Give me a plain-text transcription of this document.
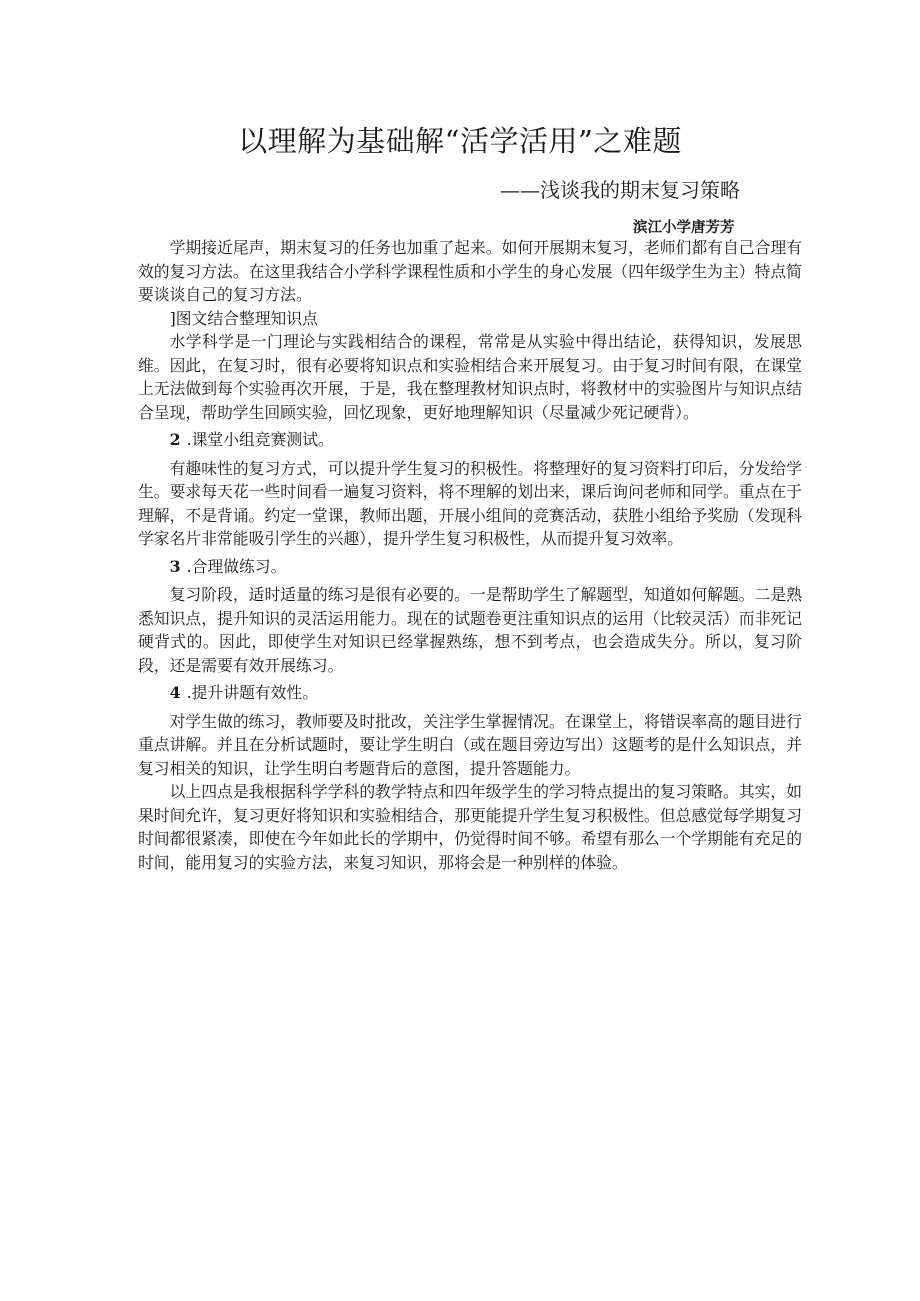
以理解为基础解“活学活用”之难题
——浅谈我的期末复习策略
滨江小学唐芳芳

学期接近尾声，期末复习的任务也加重了起来。如何开展期末复习，老师们都有自己合理有效的复习方法。在这里我结合小学科学课程性质和小学生的身心发展（四年级学生为主）特点简要谈谈自己的复习方法。

]图文结合整理知识点

水学科学是一门理论与实践相结合的课程，常常是从实验中得出结论，获得知识，发展思维。因此，在复习时，很有必要将知识点和实验相结合来开展复习。由于复习时间有限，在课堂上无法做到每个实验再次开展，于是，我在整理教材知识点时，将教材中的实验图片与知识点结合呈现，帮助学生回顾实验，回忆现象，更好地理解知识（尽量减少死记硬背）。

2 .课堂小组竞赛测试。

有趣味性的复习方式，可以提升学生复习的积极性。将整理好的复习资料打印后，分发给学生。要求每天花一些时间看一遍复习资料，将不理解的划出来，课后询问老师和同学。重点在于理解，不是背诵。约定一堂课，教师出题，开展小组间的竞赛活动，获胜小组给予奖励（发现科学家名片非常能吸引学生的兴趣），提升学生复习积极性，从而提升复习效率。

3 .合理做练习。

复习阶段，适时适量的练习是很有必要的。一是帮助学生了解题型，知道如何解题。二是熟悉知识点，提升知识的灵活运用能力。现在的试题卷更注重知识点的运用（比较灵活）而非死记硬背式的。因此，即使学生对知识已经掌握熟练，想不到考点，也会造成失分。所以，复习阶段，还是需要有效开展练习。

4 .提升讲题有效性。

对学生做的练习，教师要及时批改，关注学生掌握情况。在课堂上，将错误率高的题目进行重点讲解。并且在分析试题时，要让学生明白（或在题目旁边写出）这题考的是什么知识点，并复习相关的知识，让学生明白考题背后的意图，提升答题能力。

以上四点是我根据科学学科的教学特点和四年级学生的学习特点提出的复习策略。其实，如果时间允许，复习更好将知识和实验相结合，那更能提升学生复习积极性。但总感觉每学期复习时间都很紧凑，即使在今年如此长的学期中，仍觉得时间不够。希望有那么一个学期能有充足的时间，能用复习的实验方法，来复习知识，那将会是一种别样的体验。
